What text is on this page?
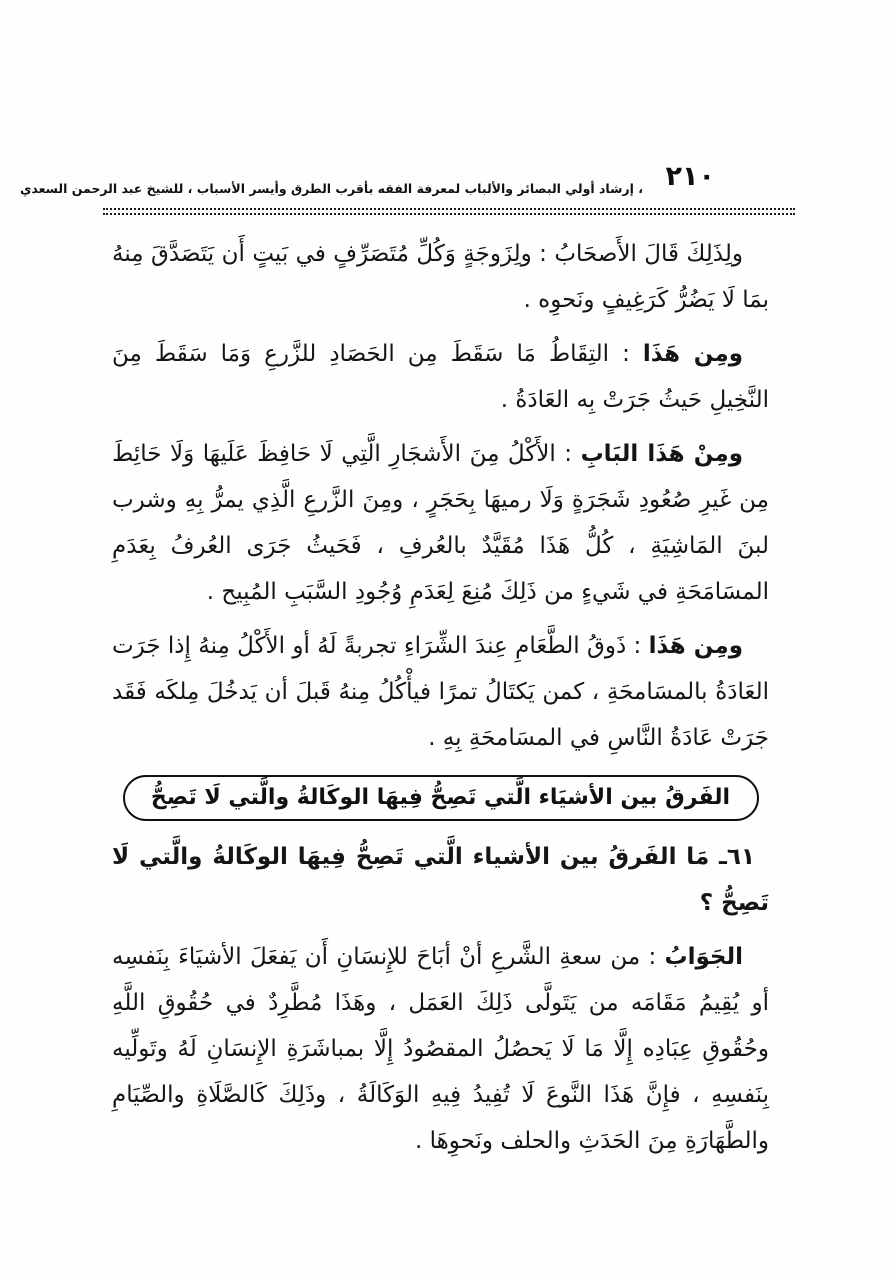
، إرشاد أولي البصائر والألباب لمعرفة الفقه بأقرب الطرق وأيسر الأسباب ، للشيخ عبد الرحمن السعدي ٢١٠

ولِذَلِكَ قَالَ الأَصحَابُ : ولِزَوجَةٍ وَكُلِّ مُتَصَرِّفٍ في بَيتٍ أَن يَتَصَدَّقَ مِنهُ بمَا لَا يَضُرُّ كَرَغِيفٍ ونَحوِه .

ومِن هَذَا : التِقَاطُ مَا سَقَطَ مِن الحَصَادِ للزَّرعِ وَمَا سَقَطَ مِنَ النَّخِيلِ حَيثُ جَرَتْ بِه العَادَةُ .

ومِنْ هَذَا البَابِ : الأَكْلُ مِنَ الأَشجَارِ الَّتِي لَا حَافِظَ عَلَيهَا وَلَا حَائِطَ مِن غَيرِ صُعُودِ شَجَرَةٍ وَلَا رميهَا بِحَجَرٍ ، ومِنَ الزَّرعِ الَّذِي يمرُّ بِهِ وشرب لبنَ المَاشِيَةِ ، كُلُّ هَذَا مُقَيَّدٌ بالعُرفِ ، فَحَيثُ جَرَى العُرفُ بِعَدَمِ المسَامَحَةِ في شَيءٍ من ذَلِكَ مُنِعَ لِعَدَمِ وُجُودِ السَّبَبِ المُبِيح .

ومِن هَذَا : ذَوقُ الطَّعَامِ عِندَ الشِّرَاءِ تجربةً لَهُ أو الأَكْلُ مِنهُ إِذا جَرَت العَادَةُ بالمسَامحَةِ ، كمن يَكتَالُ تمرًا فيأْكُلُ مِنهُ قَبلَ أن يَدخُلَ مِلكَه فَقَد جَرَتْ عَادَةُ النَّاسِ في المسَامحَةِ بِهِ .

الفَرقُ بين الأشيَاء الَّتي تَصِحُّ فِيهَا الوكَالةُ والَّتي لَا تَصِحُّ

٦١ـ مَا الفَرقُ بين الأشياء الَّتي تَصِحُّ فِيهَا الوكَالةُ والَّتي لَا تَصِحُّ ؟

الجَوَابُ : من سعةِ الشَّرعِ أنْ أبَاحَ للإِنسَانِ أَن يَفعَلَ الأشيَاءَ بِنَفسِه أو يُقِيمُ مَقَامَه من يَتَولَّى ذَلِكَ العَمَل ، وهَذَا مُطَّرِدٌ في حُقُوقِ اللَّهِ وحُقُوقِ عِبَادِه إِلَّا مَا لَا يَحصُلُ المقصُودُ إِلَّا بمباشَرَةِ الإِنسَانِ لَهُ وتَولِّيه بِنَفسِهِ ، فإِنَّ هَذَا النَّوعَ لَا تُفِيدُ فِيهِ الوَكَالَةُ ، وذَلِكَ كَالصَّلَاةِ والصِّيَامِ والطَّهَارَةِ مِنَ الحَدَثِ والحلف ونَحوِهَا .
